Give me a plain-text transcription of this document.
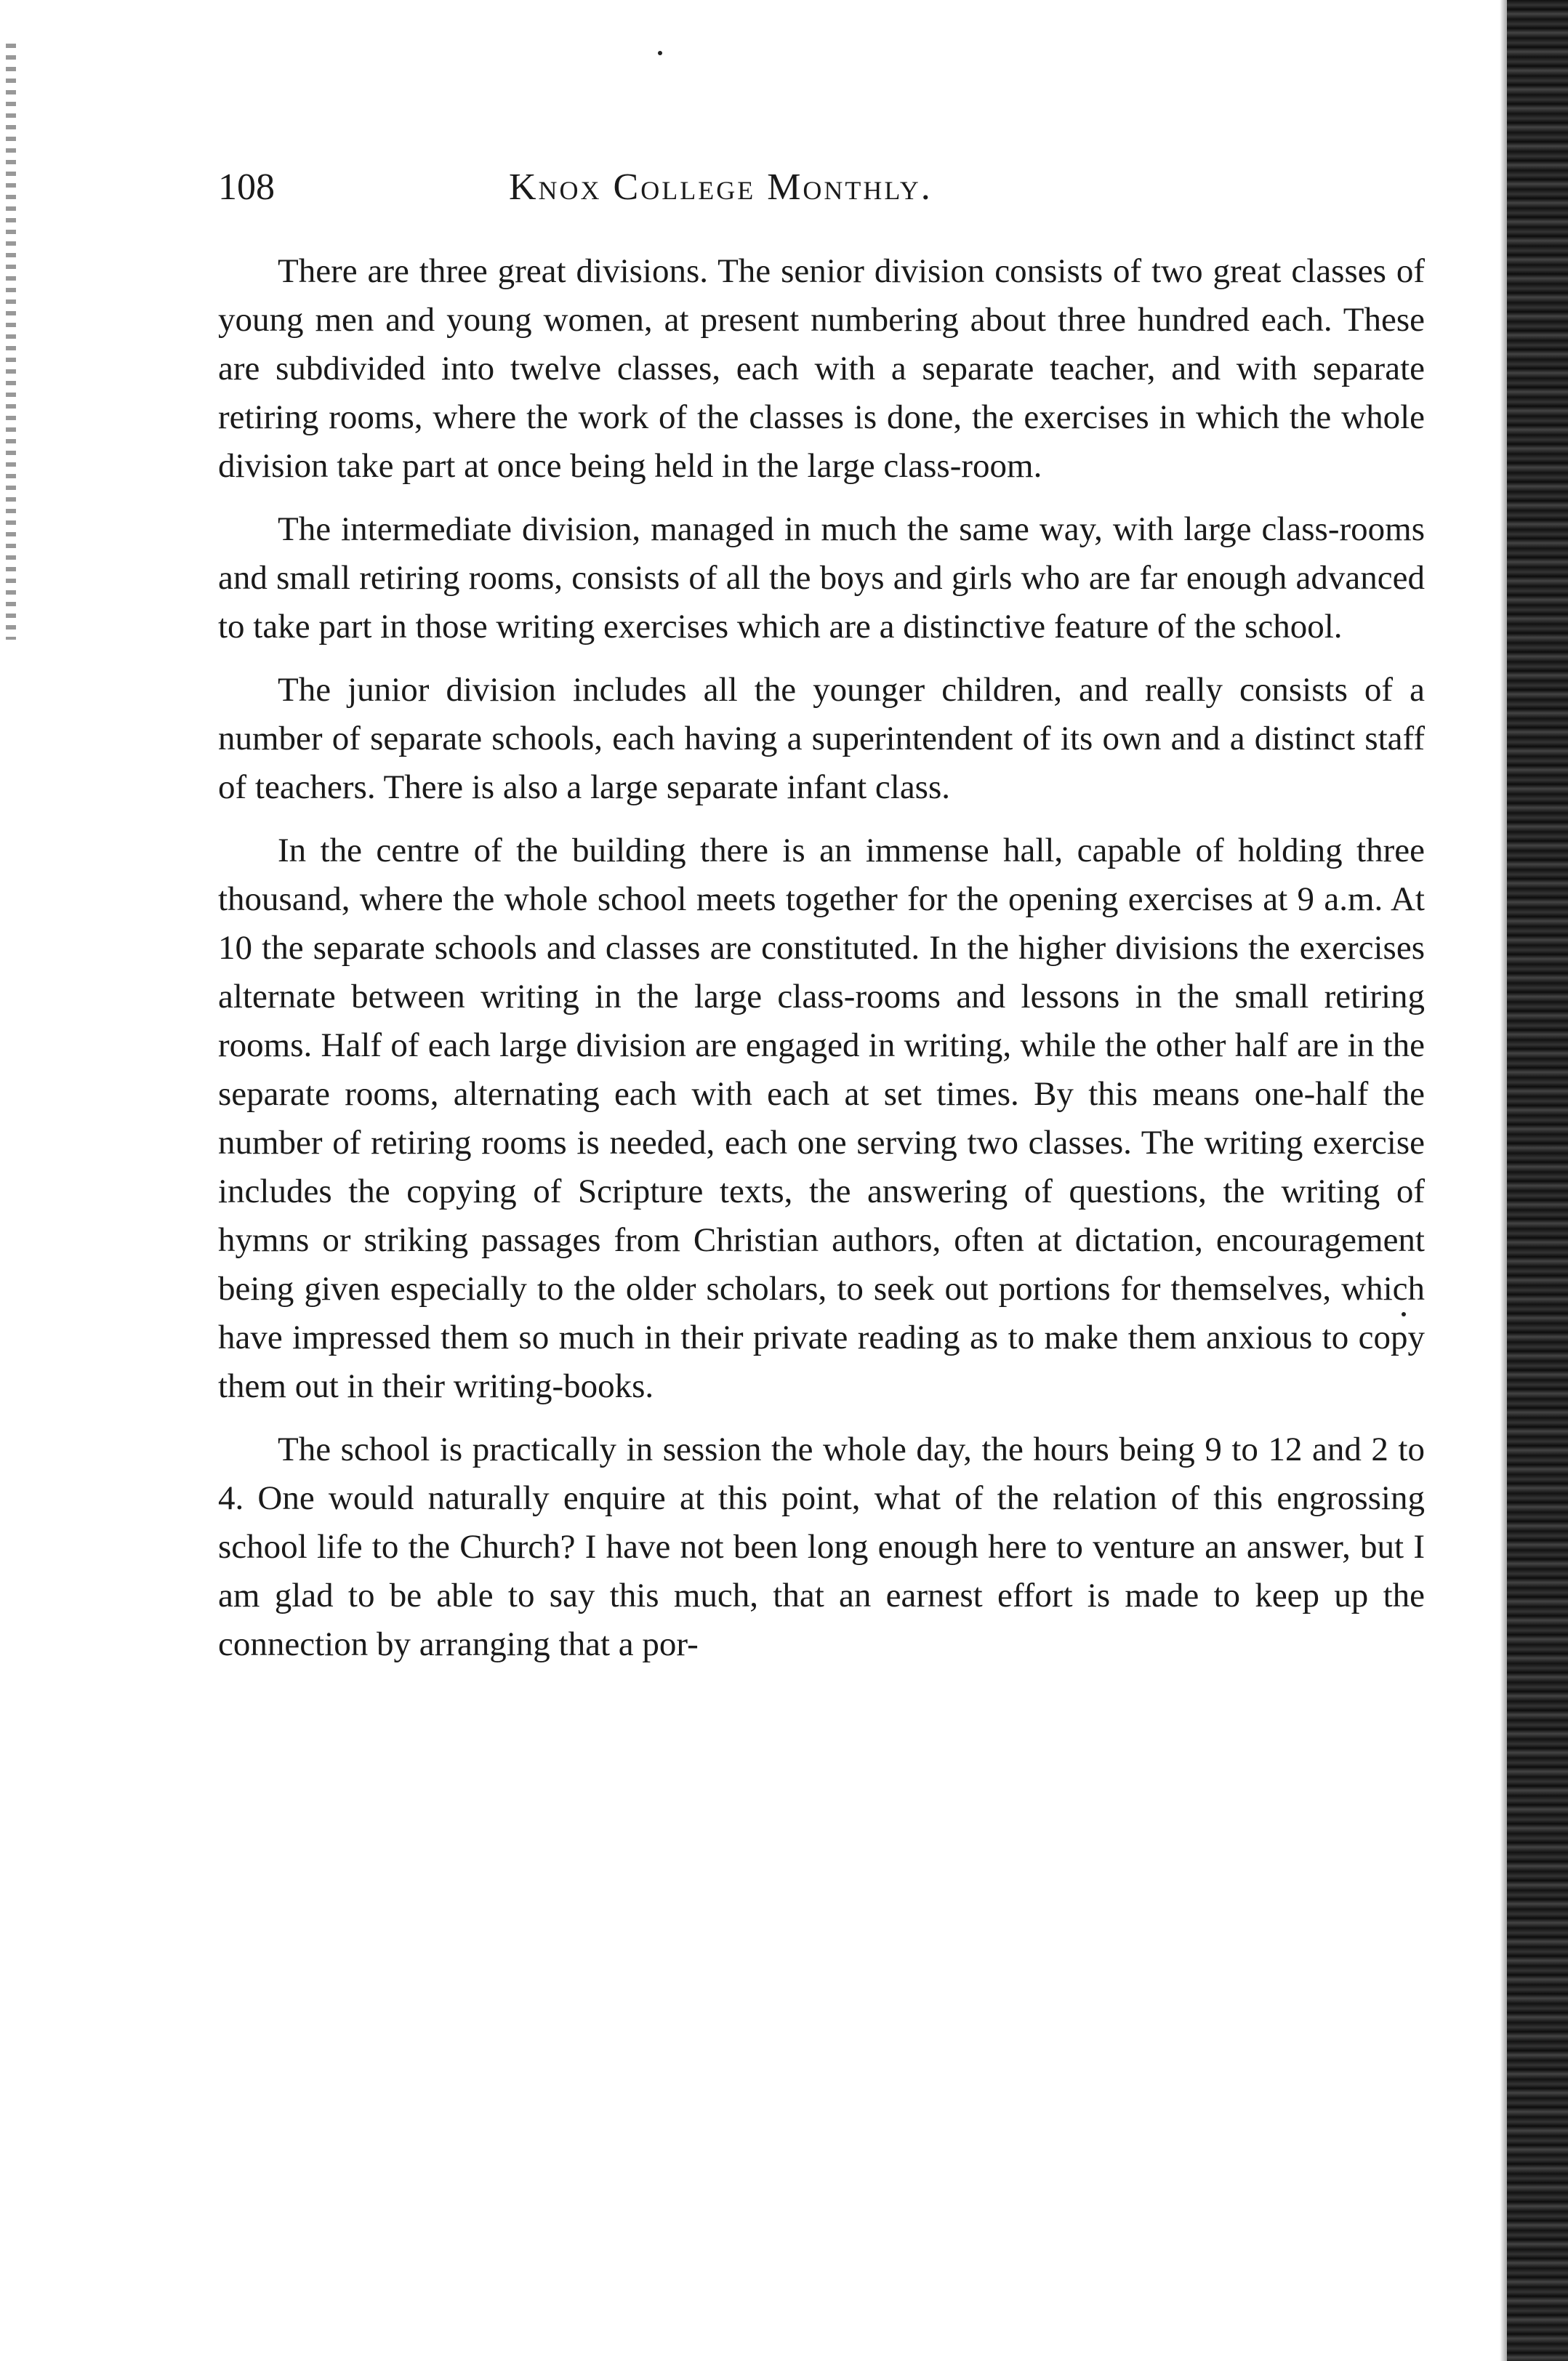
108	Knox College Monthly.

There are three great divisions. The senior division consists of two great classes of young men and young women, at present numbering about three hundred each. These are subdivided into twelve classes, each with a separate teacher, and with separate retiring rooms, where the work of the classes is done, the exercises in which the whole division take part at once being held in the large class-room.

The intermediate division, managed in much the same way, with large class-rooms and small retiring rooms, consists of all the boys and girls who are far enough advanced to take part in those writing exercises which are a distinctive feature of the school.

The junior division includes all the younger children, and really consists of a number of separate schools, each having a superintendent of its own and a distinct staff of teachers. There is also a large separate infant class.

In the centre of the building there is an immense hall, capable of holding three thousand, where the whole school meets together for the opening exercises at 9 a.m. At 10 the separate schools and classes are constituted. In the higher divisions the exercises alternate between writing in the large class-rooms and lessons in the small retiring rooms. Half of each large division are engaged in writing, while the other half are in the separate rooms, alternating each with each at set times. By this means one-half the number of retiring rooms is needed, each one serving two classes. The writing exercise includes the copying of Scripture texts, the answering of questions, the writing of hymns or striking passages from Christian authors, often at dictation, encouragement being given especially to the older scholars, to seek out portions for themselves, which have impressed them so much in their private reading as to make them anxious to copy them out in their writing-books.

The school is practically in session the whole day, the hours being 9 to 12 and 2 to 4. One would naturally enquire at this point, what of the relation of this engrossing school life to the Church? I have not been long enough here to venture an answer, but I am glad to be able to say this much, that an earnest effort is made to keep up the connection by arranging that a por-
